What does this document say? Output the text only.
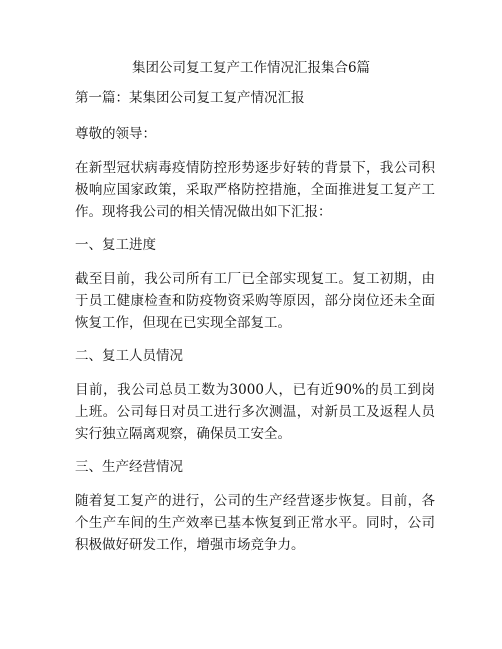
集团公司复工复产工作情况汇报集合6篇
第一篇：某集团公司复工复产情况汇报
尊敬的领导：
在新型冠状病毒疫情防控形势逐步好转的背景下，我公司积极响应国家政策，采取严格防控措施，全面推进复工复产工作。现将我公司的相关情况做出如下汇报：
一、复工进度
截至目前，我公司所有工厂已全部实现复工。复工初期，由于员工健康检查和防疫物资采购等原因，部分岗位还未全面恢复工作，但现在已实现全部复工。
二、复工人员情况
目前，我公司总员工数为3000人，已有近90%的员工到岗上班。公司每日对员工进行多次测温，对新员工及返程人员实行独立隔离观察，确保员工安全。
三、生产经营情况
随着复工复产的进行，公司的生产经营逐步恢复。目前，各个生产车间的生产效率已基本恢复到正常水平。同时，公司积极做好研发工作，增强市场竞争力。
